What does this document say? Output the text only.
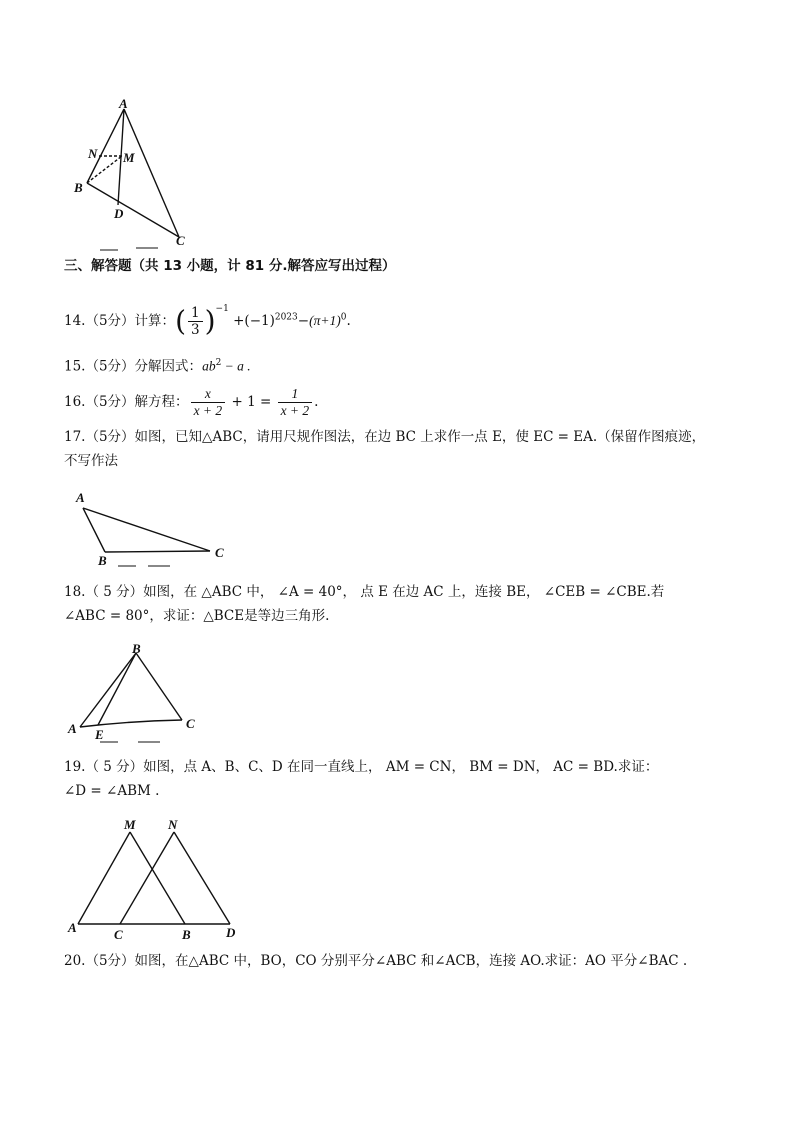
A
N M
B
D
C
三、解答题（共 13 小题，计 81 分.解答应写出过程）
14.（5分）计算：( $\frac{1}{3} )^{-1} +(-1)^{2023}-(\pi+1)^0$.
15.（5分）分解因式：$ab^2 - a$ .
16.（5分）解方程： $\frac{x}{x + 2} + 1 = \frac{1}{x + 2}$ .
17.（5分）如图，已知△ABC，请用尺规作图法，在边 BC 上求作一点 E，使 EC = EA.（保留作图痕迹，
不写作法
A
B
C
18.（ 5 分）如图，在 △ABC 中， ∠A = 40°， 点 E 在边 AC 上，连接 BE， ∠CEB = ∠CBE.若
∠ABC = 80°，求证：△BCE是等边三角形.
B
A E
C
19.（ 5 分）如图，点 A、B、C、D 在同一直线上， AM = CN， BM = DN， AC = BD.求证：
∠D = ∠ABM .
M N
A	C	B	D
20.（5分）如图，在△ABC 中，BO，CO 分别平分∠ABC 和∠ACB，连接 AO.求证：AO 平分∠BAC .
